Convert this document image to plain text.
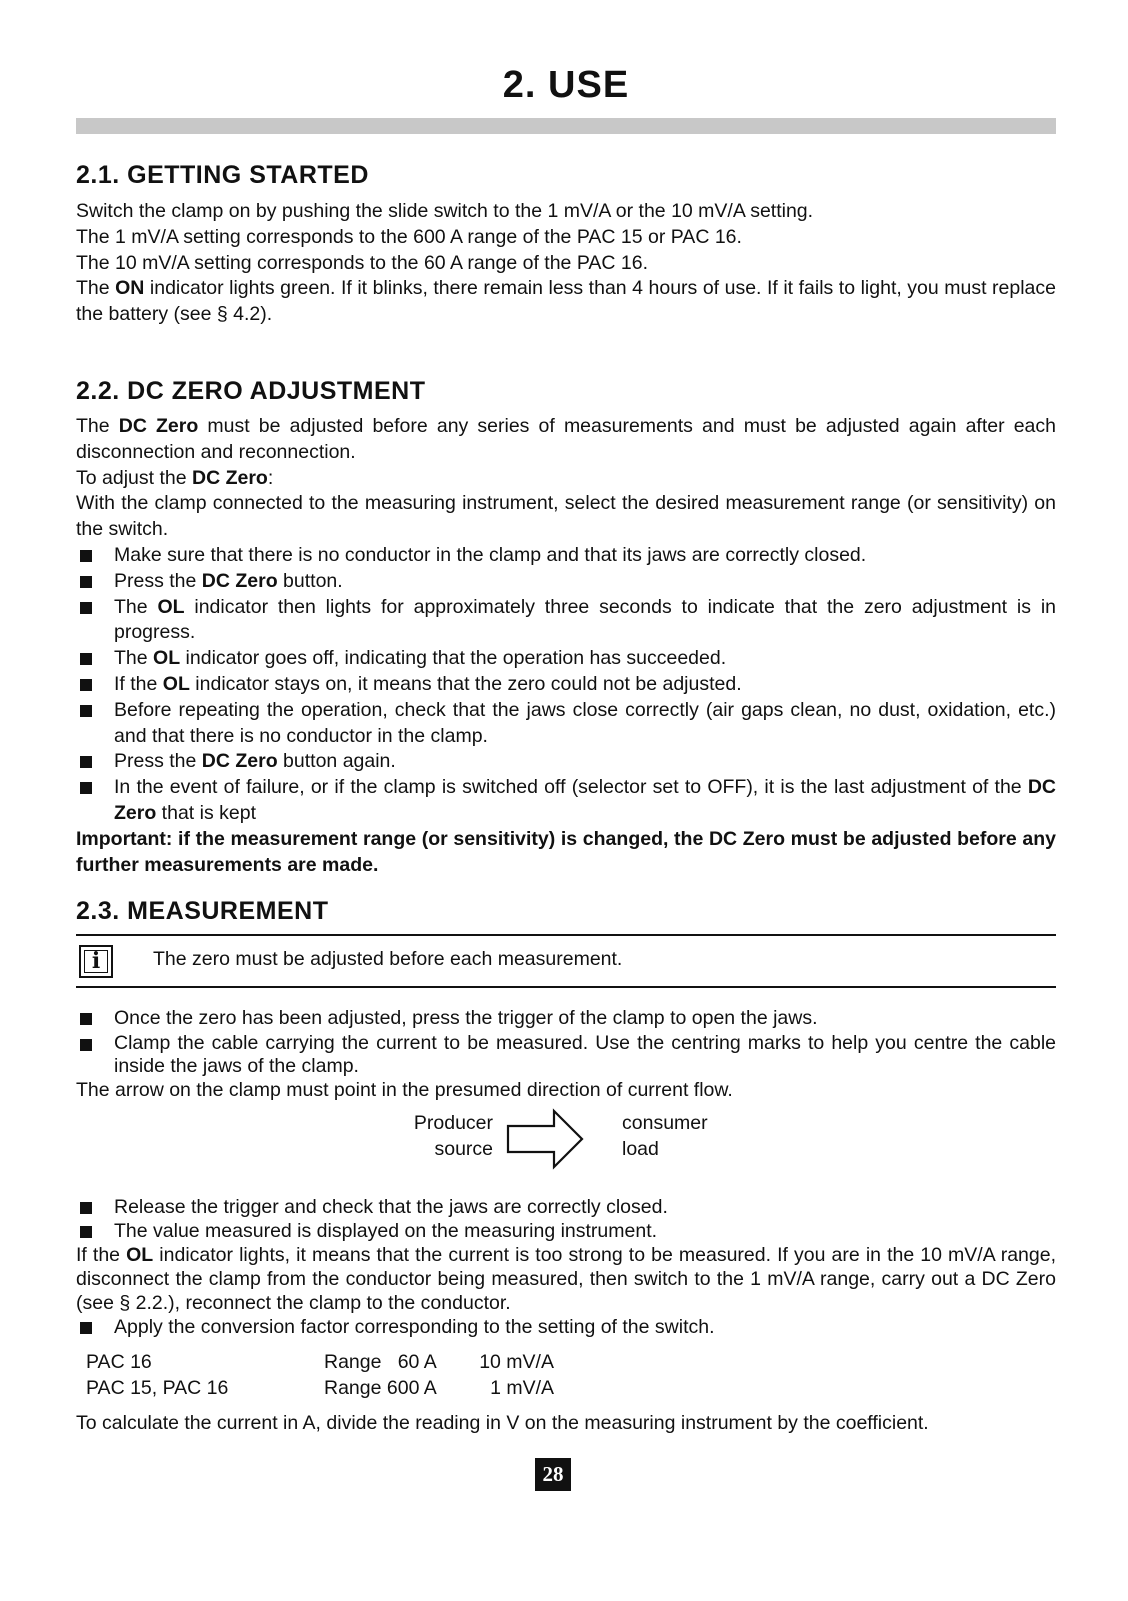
2. USE
2.1. GETTING STARTED

Switch the clamp on by pushing the slide switch to the 1 mV/A or the 10 mV/A setting.

The 1 mV/A setting corresponds to the 600 A range of the PAC 15 or PAC 16.

The 10 mV/A setting corresponds to the 60 A range of the PAC 16.

The ON indicator lights green. If it blinks, there remain less than 4 hours of use. If it fails to light, you must replace the battery (see § 4.2).

2.2. DC ZERO ADJUSTMENT

The DC Zero must be adjusted before any series of measurements and must be adjusted again after each disconnection and reconnection.

To adjust the DC Zero:

With the clamp connected to the measuring instrument, select the desired measurement range (or sensitivity) on the switch.

Make sure that there is no conductor in the clamp and that its jaws are correctly closed.
Press the DC Zero button.
The OL indicator then lights for approximately three seconds to indicate that the zero adjustment is in progress.
The OL indicator goes off, indicating that the operation has succeeded.
If the OL indicator stays on, it means that the zero could not be adjusted.
Before repeating the operation, check that the jaws close correctly (air gaps clean, no dust, oxidation, etc.) and that there is no conductor in the clamp.
Press the DC Zero button again.
In the event of failure, or if the clamp is switched off (selector set to OFF), it is the last adjustment of the DC Zero that is kept

Important: if the measurement range (or sensitivity) is changed, the DC Zero must be adjusted before any further measurements are made.

2.3. MEASUREMENT
i	The zero must be adjusted before each measurement.
Once the zero has been adjusted, press the trigger of the clamp to open the jaws.
Clamp the cable carrying the current to be measured. Use the centring marks to help you centre the cable inside the jaws of the clamp.

The arrow on the clamp must point in the presumed direction of current flow.

Producer
source
consumer
load
Release the trigger and check that the jaws are correctly closed.
The value measured is displayed on the measuring instrument.

If the OL indicator lights, it means that the current is too strong to be measured. If you are in the 10 mV/A range, disconnect the clamp from the conductor being measured, then switch to the 1 mV/A range, carry out a DC Zero (see § 2.2.), reconnect the clamp to the conductor.

Apply the conversion factor corresponding to the setting of the switch.
PAC 16	Range   60 A	10 mV/A
PAC 15, PAC 16	Range 600 A	1 mV/A

To calculate the current in A, divide the reading in V on the measuring instrument by the coefficient.

28
